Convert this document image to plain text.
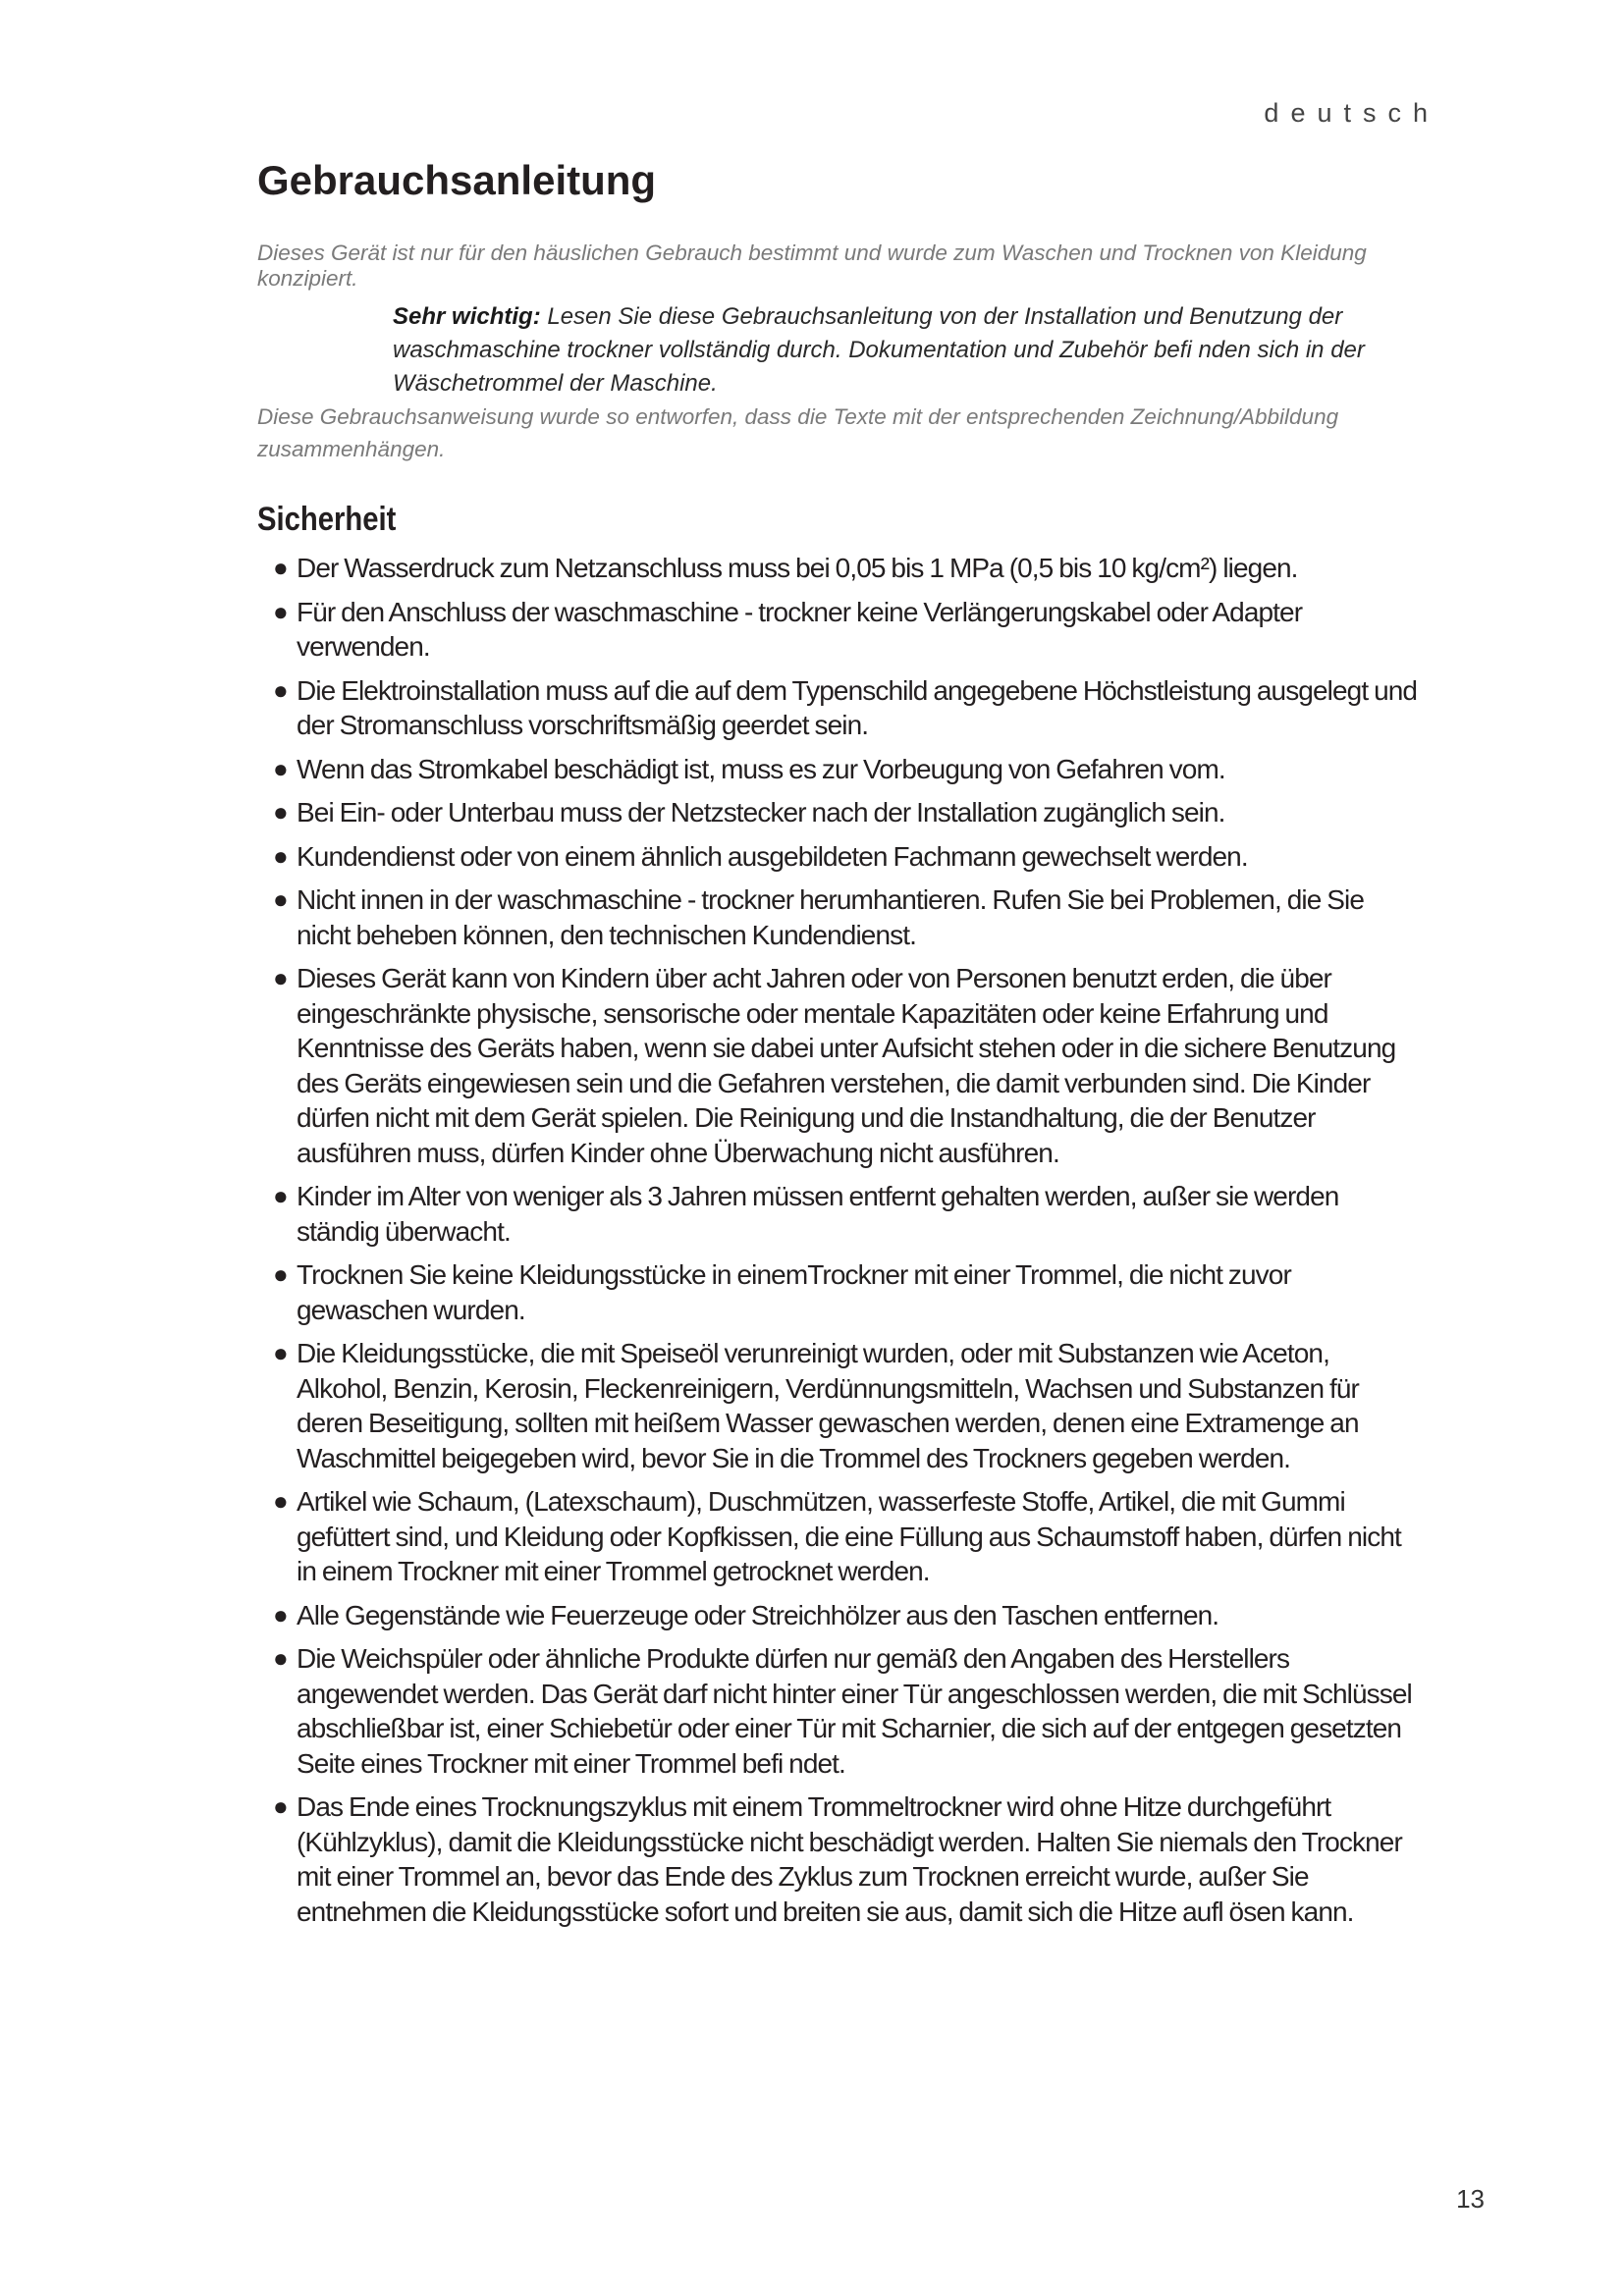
deutsch
Gebrauchsanleitung

Dieses Gerät ist nur für den häuslichen Gebrauch bestimmt und wurde zum Waschen und Trocknen von Kleidung konzipiert.

Sehr wichtig: Lesen Sie diese Gebrauchsanleitung von der Installation und Benutzung der waschmaschine trockner vollständig durch. Dokumentation und Zubehör befi nden sich in der Wäschetrommel der Maschine.

Diese Gebrauchsanweisung wurde so entworfen, dass die Texte mit der entsprechenden Zeichnung/Abbildung zusammenhängen.

Sicherheit
● Der Wasserdruck zum Netzanschluss muss bei 0,05 bis 1 MPa (0,5 bis 10 kg/cm²) liegen.
● Für den Anschluss der waschmaschine - trockner keine Verlängerungskabel oder Adapter verwenden.
● Die Elektroinstallation muss auf die auf dem Typenschild angegebene Höchstleistung ausgelegt und der Stromanschluss vorschriftsmäßig geerdet sein.
● Wenn das Stromkabel beschädigt ist, muss es zur Vorbeugung von Gefahren vom.
● Bei Ein- oder Unterbau muss der Netzstecker nach der Installation zugänglich sein.
● Kundendienst oder von einem ähnlich ausgebildeten Fachmann gewechselt werden.
● Nicht innen in der waschmaschine - trockner herumhantieren. Rufen Sie bei Problemen, die Sie nicht beheben können, den technischen Kundendienst.
● Dieses Gerät kann von Kindern über acht Jahren oder von Personen benutzt erden, die über eingeschränkte physische, sensorische oder mentale Kapazitäten oder keine Erfahrung und Kenntnisse des Geräts haben, wenn sie dabei unter Aufsicht stehen oder in die sichere Benutzung des Geräts eingewiesen sein und die Gefahren verstehen, die damit verbunden sind. Die Kinder dürfen nicht mit dem Gerät spielen. Die Reinigung und die Instandhaltung, die der Benutzer ausführen muss, dürfen Kinder ohne Überwachung nicht ausführen.
● Kinder im Alter von weniger als 3 Jahren müssen entfernt gehalten werden, außer sie werden ständig überwacht.
● Trocknen Sie keine Kleidungsstücke in einemTrockner mit einer Trommel, die nicht zuvor gewaschen wurden.
● Die Kleidungsstücke, die mit Speiseöl verunreinigt wurden, oder mit Substanzen wie Aceton, Alkohol, Benzin, Kerosin, Fleckenreinigern, Verdünnungsmitteln, Wachsen und Substanzen für deren Beseitigung, sollten mit heißem Wasser gewaschen werden, denen eine Extramenge an Waschmittel beigegeben wird, bevor Sie in die Trommel des Trockners gegeben werden.
● Artikel wie Schaum, (Latexschaum), Duschmützen, wasserfeste Stoffe, Artikel, die mit Gummi gefüttert sind, und Kleidung oder Kopfkissen, die eine Füllung aus Schaumstoff haben, dürfen nicht in einem Trockner mit einer Trommel getrocknet werden.
● Alle Gegenstände wie Feuerzeuge oder Streichhölzer aus den Taschen entfernen.
● Die Weichspüler oder ähnliche Produkte dürfen nur gemäß den Angaben des Herstellers angewendet werden. Das Gerät darf nicht hinter einer Tür angeschlossen werden, die mit Schlüssel abschließbar ist, einer Schiebetür oder einer Tür mit Scharnier, die sich auf der entgegen gesetzten Seite eines Trockner mit einer Trommel befi ndet.
● Das Ende eines Trocknungszyklus mit einem Trommeltrockner wird ohne Hitze durchgeführt (Kühlzyklus), damit die Kleidungsstücke nicht beschädigt werden. Halten Sie niemals den Trockner mit einer Trommel an, bevor das Ende des Zyklus zum Trocknen erreicht wurde, außer Sie entnehmen die Kleidungsstücke sofort und breiten sie aus, damit sich die Hitze aufl ösen kann.
13
